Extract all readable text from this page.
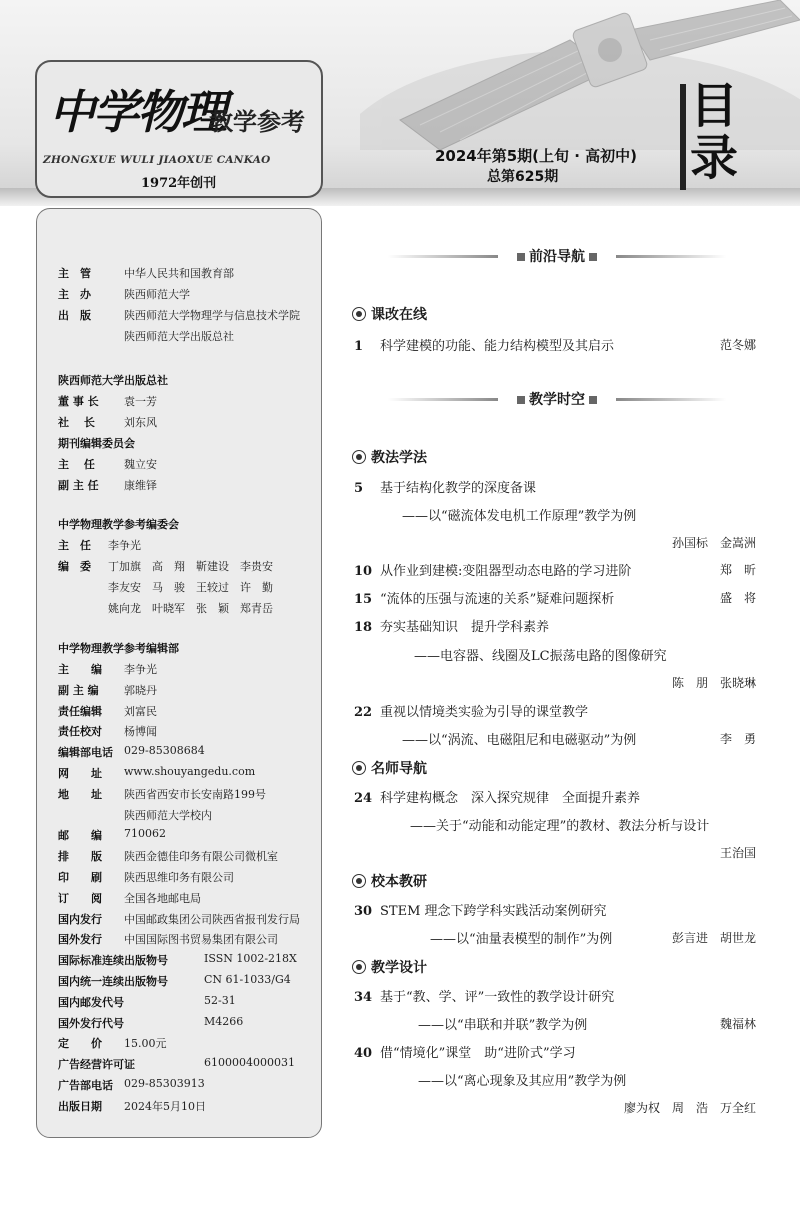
中学物理
教学参考
ZHONGXUE WULI JIAOXUE CANKAO
1972年创刊
2024年第5期(上旬 · 高初中)
总第625期
目录
主　管	中华人民共和国教育部
主　办	陕西师范大学
出　版	陕西师范大学物理学与信息技术学院
陕西师范大学出版总社
陕西师范大学出版总社
董 事 长 袁一芳
社　 长	刘东风
期刊编辑委员会
主　 任	魏立安
副 主 任 康维铎
中学物理教学参考编委会
主　任 李争光
编　委 丁加旗　高　翔　靳建设　李贵安
李友安　马　骏　王较过　许　勤
姚向龙　叶晓军　张　颖　郑青岳
中学物理教学参考编辑部
主　　编 李争光
副 主 编 郭晓丹
责任编辑 刘富民
责任校对 杨博闻
编辑部电话 029-85308684
网　　址 www.shouyangedu.com
地　　址 陕西省西安市长安南路199号
陕西师范大学校内
邮　　编 710062
排　　版 陕西金德佳印务有限公司微机室
印　　刷 陕西思维印务有限公司
订　　阅 全国各地邮电局
国内发行 中国邮政集团公司陕西省报刊发行局
国外发行 中国国际图书贸易集团有限公司
国际标准连续出版物号	ISSN 1002-218X
国内统一连续出版物号	CN 61-1033/G4
国内邮发代号	52-31
国外发行代号	M4266
定　　价 15.00元
广告经营许可证	6100004000031
广告部电话 029-85303913
出版日期 2024年5月10日
前沿导航
课改在线
1 科学建模的功能、能力结构模型及其启示	范冬娜
教学时空
教法学法
5 基于结构化教学的深度备课
——以“磁流体发电机工作原理”教学为例
孙国标　金嵩洲
10 从作业到建模:变阻器型动态电路的学习进阶	郑　昕
15 “流体的压强与流速的关系”疑难问题探析	盛　将
18 夯实基础知识　提升学科素养
——电容器、线圈及LC振荡电路的图像研究
陈　朋　张晓琳
22 重视以情境类实验为引导的课堂教学
——以“涡流、电磁阻尼和电磁驱动”为例	李　勇
名师导航
24 科学建构概念　深入探究规律　全面提升素养
——关于“动能和动能定理”的教材、教法分析与设计
王治国
校本教研
30 STEM 理念下跨学科实践活动案例研究
——以“油量表模型的制作”为例	彭言进　胡世龙
教学设计
34 基于“教、学、评”一致性的教学设计研究
——以“串联和并联”教学为例	魏福林
40 借“情境化”课堂　助“进阶式”学习
——以“离心现象及其应用”教学为例
廖为权　周　浩　万全红
